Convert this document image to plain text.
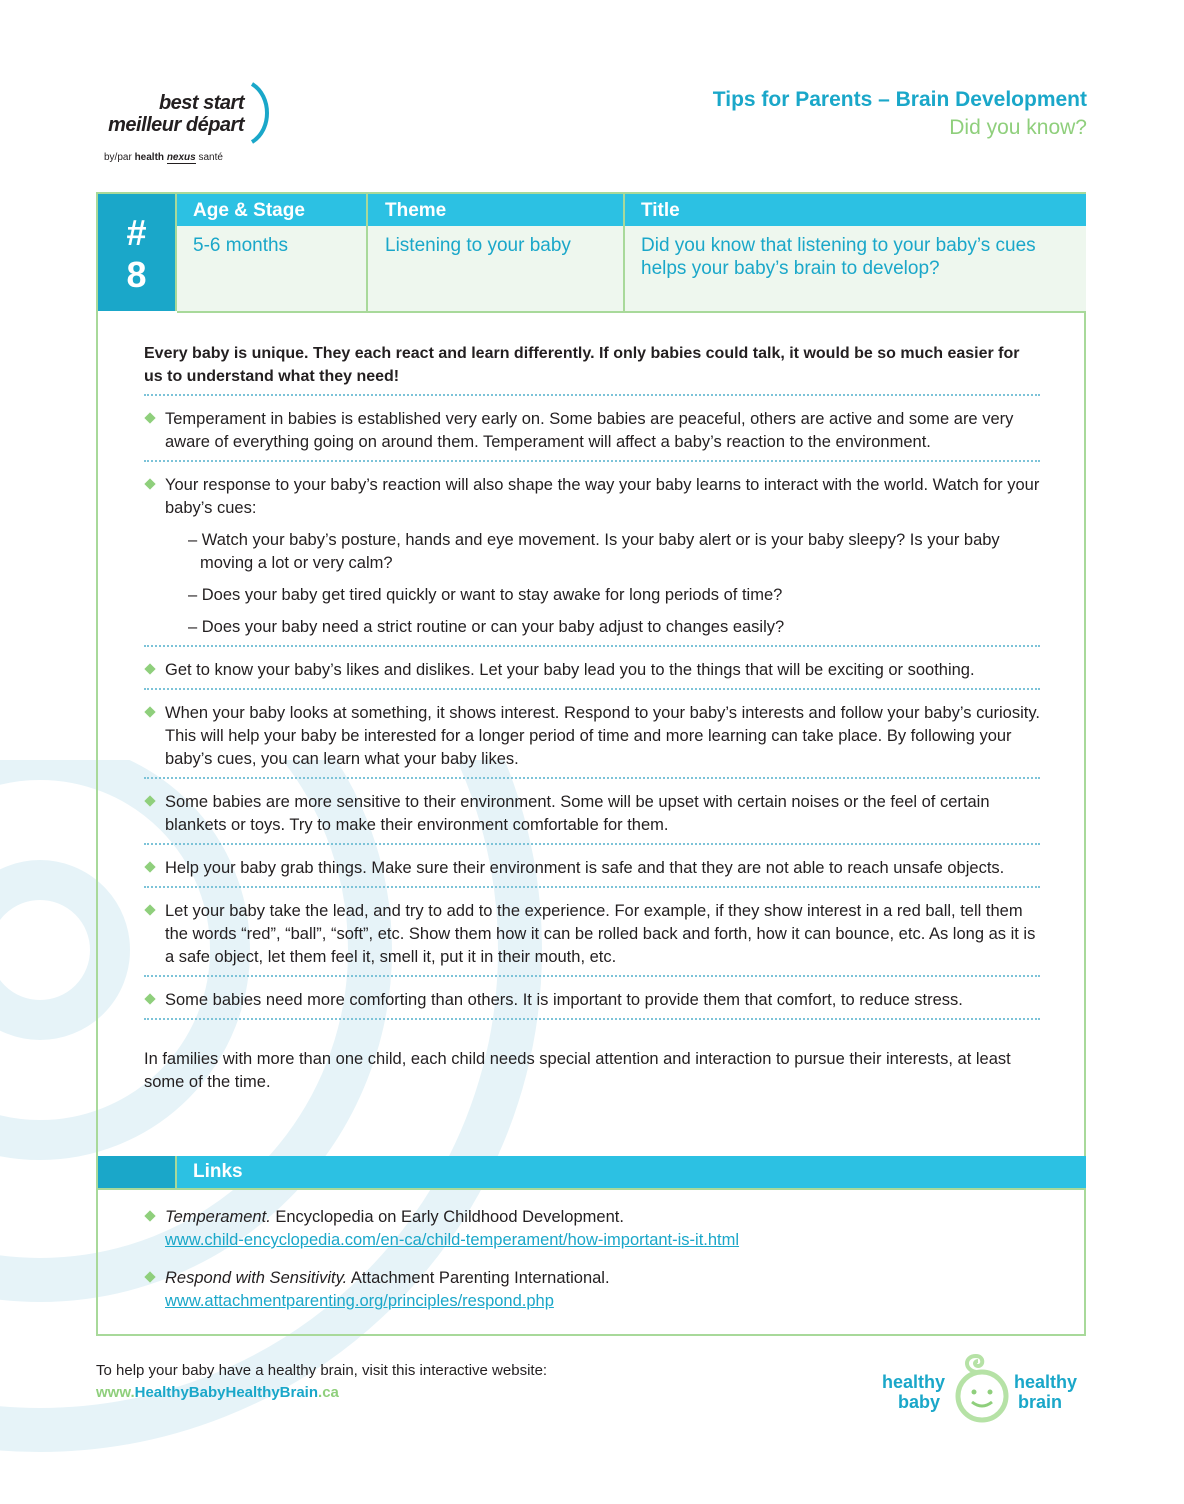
best start
meilleur départ
by/par health nexus santé
Tips for Parents – Brain Development
Did you know?
#
8
Age & Stage	Theme	Title
5-6 months	Listening to your baby	Did you know that listening to your baby’s cues helps your baby’s brain to develop?
Every baby is unique. They each react and learn differently. If only babies could talk, it would be so much easier for us to understand what they need!
Temperament in babies is established very early on. Some babies are peaceful, others are active and some are very aware of everything going on around them. Temperament will affect a baby’s reaction to the environment.
Your response to your baby’s reaction will also shape the way your baby learns to interact with the world. Watch for your baby’s cues:
– Watch your baby’s posture, hands and eye movement. Is your baby alert or is your baby sleepy? Is your baby moving a lot or very calm?
– Does your baby get tired quickly or want to stay awake for long periods of time?
– Does your baby need a strict routine or can your baby adjust to changes easily?
Get to know your baby’s likes and dislikes. Let your baby lead you to the things that will be exciting or soothing.
When your baby looks at something, it shows interest. Respond to your baby’s interests and follow your baby’s curiosity. This will help your baby be interested for a longer period of time and more learning can take place. By following your baby’s cues, you can learn what your baby likes.
Some babies are more sensitive to their environment. Some will be upset with certain noises or the feel of certain blankets or toys. Try to make their environment comfortable for them.
Help your baby grab things. Make sure their environment is safe and that they are not able to reach unsafe objects.
Let your baby take the lead, and try to add to the experience. For example, if they show interest in a red ball, tell them the words “red”, “ball”, “soft”, etc. Show them how it can be rolled back and forth, how it can bounce, etc. As long as it is a safe object, let them feel it, smell it, put it in their mouth, etc.
Some babies need more comforting than others. It is important to provide them that comfort, to reduce stress.
In families with more than one child, each child needs special attention and interaction to pursue their interests, at least some of the time.
Links
Temperament. Encyclopedia on Early Childhood Development.
www.child-encyclopedia.com/en-ca/child-temperament/how-important-is-it.html
Respond with Sensitivity. Attachment Parenting International.
www.attachmentparenting.org/principles/respond.php
To help your baby have a healthy brain, visit this interactive website:
www.HealthyBabyHealthyBrain.ca
healthy
baby
healthy
brain
